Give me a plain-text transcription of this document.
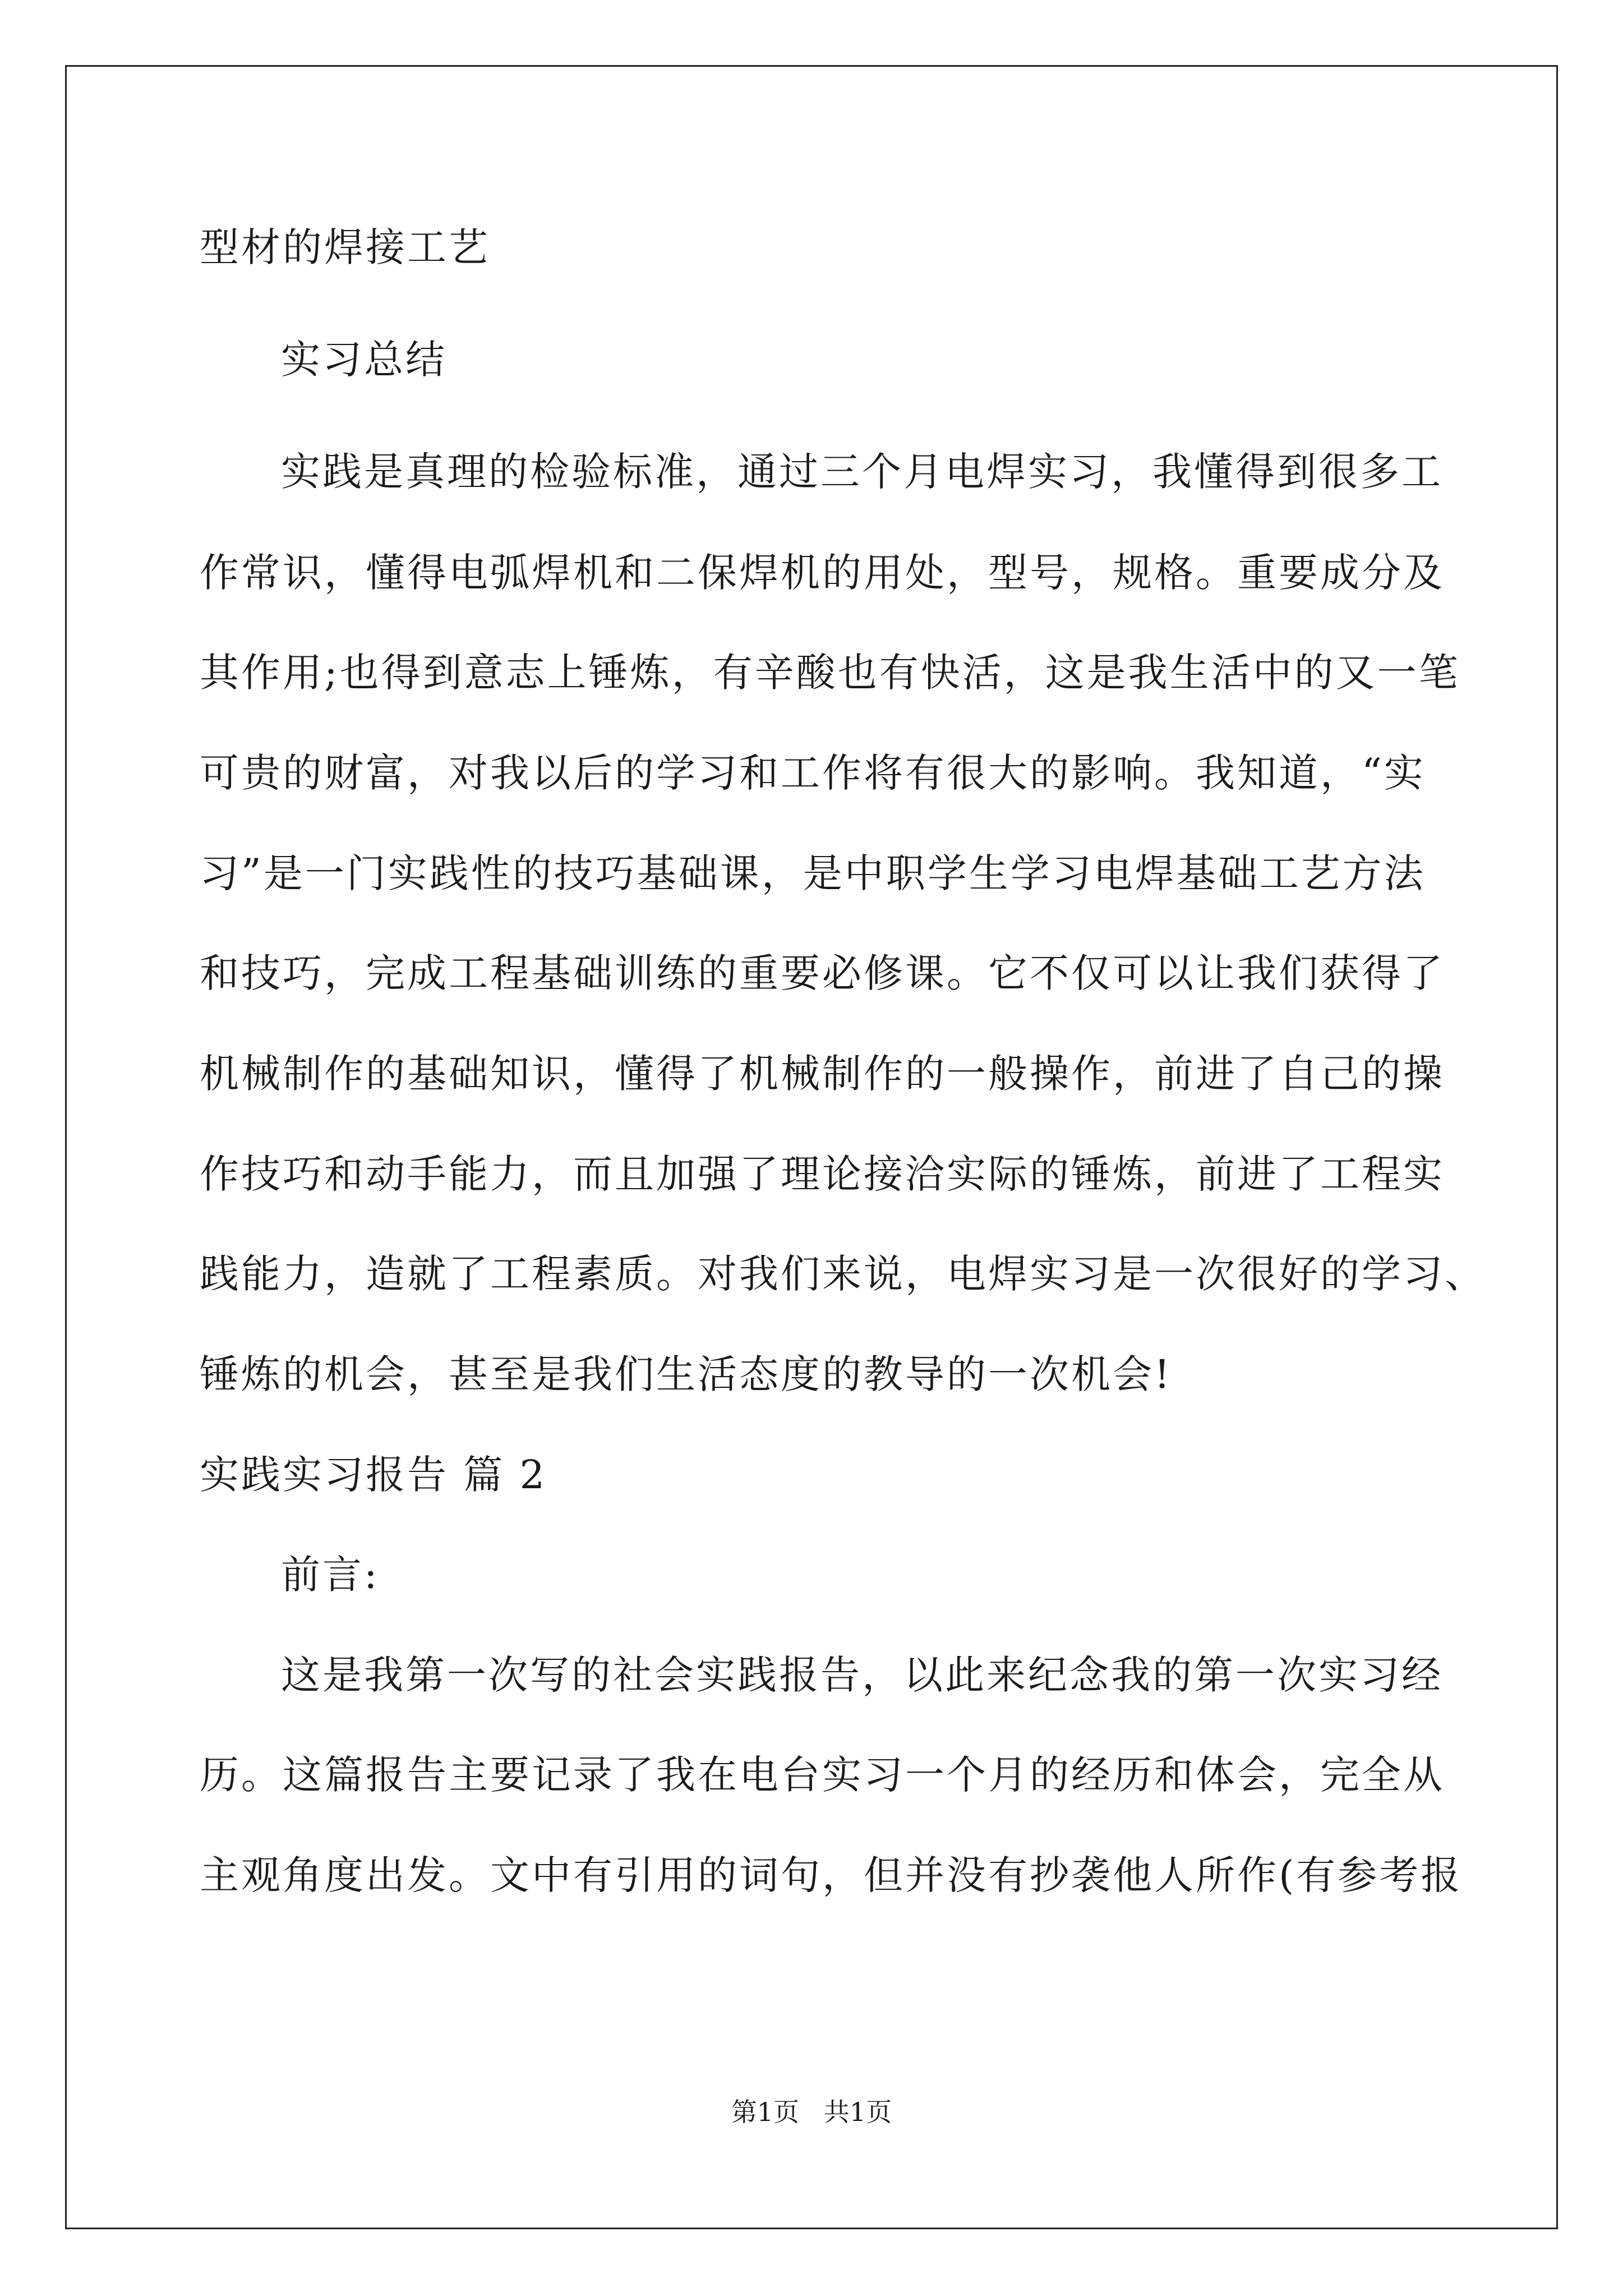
型材的焊接工艺
实习总结
实践是真理的检验标准，通过三个月电焊实习，我懂得到很多工
作常识，懂得电弧焊机和二保焊机的用处，型号，规格。重要成分及
其作用;也得到意志上锤炼，有辛酸也有快活，这是我生活中的又一笔
可贵的财富，对我以后的学习和工作将有很大的影响。我知道，“实
习”是一门实践性的技巧基础课，是中职学生学习电焊基础工艺方法
和技巧，完成工程基础训练的重要必修课。它不仅可以让我们获得了
机械制作的基础知识，懂得了机械制作的一般操作，前进了自己的操
作技巧和动手能力，而且加强了理论接洽实际的锤炼，前进了工程实
践能力，造就了工程素质。对我们来说，电焊实习是一次很好的学习、
锤炼的机会，甚至是我们生活态度的教导的一次机会!
实践实习报告 篇 2
前言:
这是我第一次写的社会实践报告，以此来纪念我的第一次实习经
历。这篇报告主要记录了我在电台实习一个月的经历和体会，完全从
主观角度出发。文中有引用的词句，但并没有抄袭他人所作(有参考报
第1页   共1页
